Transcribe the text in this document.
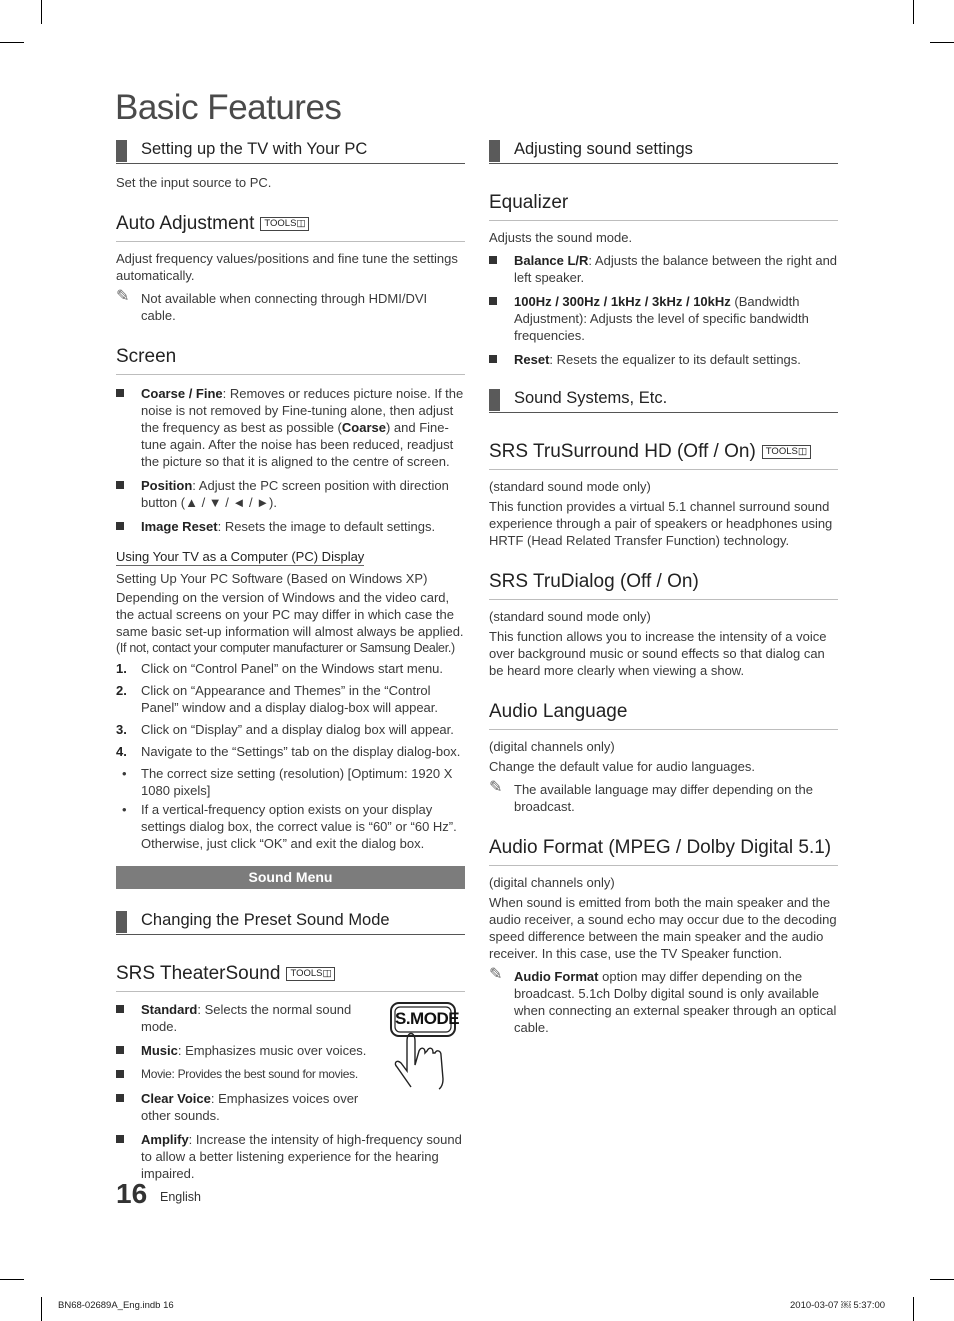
Basic Features
Setting up the TV with Your PC

Set the input source to PC.

Auto Adjustment TOOLS◫

Adjust frequency values/positions and fine tune the settings automatically.

✎ Not available when connecting through HDMI/DVI cable.
Screen
Coarse / Fine: Removes or reduces picture noise. If the noise is not removed by Fine-tuning alone, then adjust the frequency as best as possible (Coarse) and Fine-tune again. After the noise has been reduced, readjust the picture so that it is aligned to the centre of screen.
Position: Adjust the PC screen position with direction button (▲ / ▼ / ◄ / ►).
Image Reset: Resets the image to default settings.
Using Your TV as a Computer (PC) Display

Setting Up Your PC Software (Based on Windows XP)

Depending on the version of Windows and the video card, the actual screens on your PC may differ in which case the same basic set-up information will almost always be applied.

(If not, contact your computer manufacturer or Samsung Dealer.)

1. Click on “Control Panel” on the Windows start menu.
2. Click on “Appearance and Themes” in the “Control Panel” window and a display dialog-box will appear.
3. Click on “Display” and a display dialog box will appear.
4. Navigate to the “Settings” tab on the display dialog-box.
• The correct size setting (resolution) [Optimum: 1920 X 1080 pixels]
• If a vertical-frequency option exists on your display settings dialog box, the correct value is “60” or “60 Hz”. Otherwise, just click “OK” and exit the dialog box.
Sound Menu
Changing the Preset Sound Mode
SRS TheaterSound TOOLS◫
S.MODE
Standard: Selects the normal sound mode.
Music: Emphasizes music over voices.
Movie: Provides the best sound for movies.
Clear Voice: Emphasizes voices over other sounds.
Amplify: Increase the intensity of high-frequency sound to allow a better listening experience for the hearing impaired.
Adjusting sound settings
Equalizer

Adjusts the sound mode.

Balance L/R: Adjusts the balance between the right and left speaker.
100Hz / 300Hz / 1kHz / 3kHz / 10kHz (Bandwidth Adjustment): Adjusts the level of specific bandwidth frequencies.
Reset: Resets the equalizer to its default settings.
Sound Systems, Etc.
SRS TruSurround HD (Off / On) TOOLS◫

(standard sound mode only)

This function provides a virtual 5.1 channel surround sound experience through a pair of speakers or headphones using HRTF (Head Related Transfer Function) technology.

SRS TruDialog (Off / On)

(standard sound mode only)

This function allows you to increase the intensity of a voice over background music or sound effects so that dialog can be heard more clearly when viewing a show.

Audio Language

(digital channels only)

Change the default value for audio languages.

✎ The available language may differ depending on the broadcast.
Audio Format (MPEG / Dolby Digital 5.1)

(digital channels only)

When sound is emitted from both the main speaker and the audio receiver, a sound echo may occur due to the decoding speed difference between the main speaker and the audio receiver. In this case, use the TV Speaker function.

✎ Audio Format option may differ depending on the broadcast. 5.1ch Dolby digital sound is only available when connecting an external speaker through an optical cable.
16 English
BN68-02689A_Eng.indb 16	2010-03-07 ￼ 5:37:00
